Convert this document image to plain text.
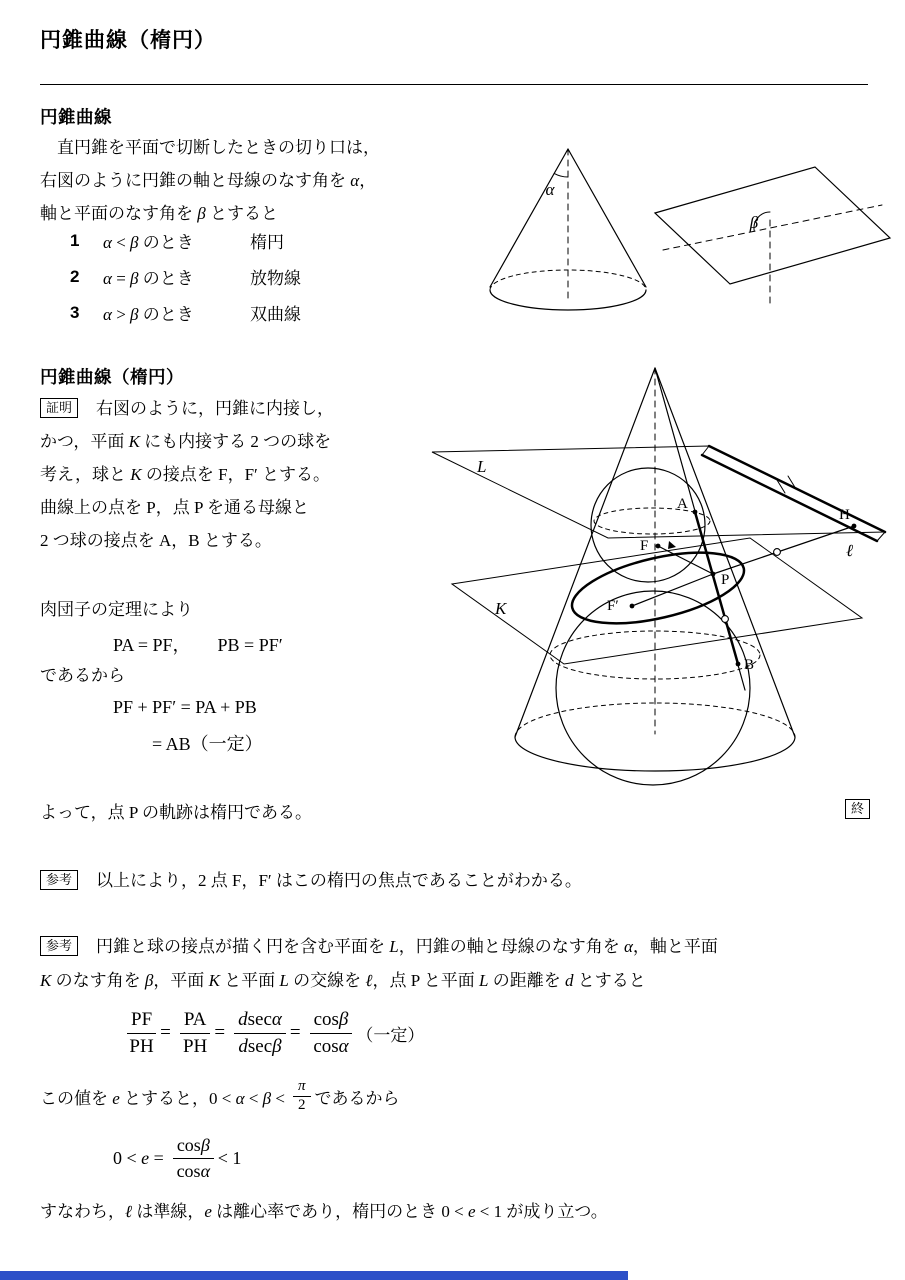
円錐曲線（楕円）
円錐曲線
　直円錐を平面で切断したときの切り口は，
右図のように円錐の軸と母線のなす角を α，
軸と平面のなす角を β とすると
1 α < β のとき	楕円
2 α = β のとき	放物線
3 α > β のとき	双曲線
α
β
円錐曲線（楕円）
証明	右図のように，円錐に内接し，
かつ，平面 K にも内接する 2 つの球を
考え，球と K の接点を F，F′ とする。
曲線上の点を P，点 P を通る母線と
2 つ球の接点を A，B とする。
肉団子の定理により
PA = PF，　　PB = PF′
であるから
PF + PF′ = PA + PB
= AB（一定）
よって，点 P の軌跡は楕円である。	終
L
K
A
F
H
ℓ
P
F′
B
参考	以上により，2 点 F，F′ はこの楕円の焦点であることがわかる。
参考	円錐と球の接点が描く円を含む平面を L，円錐の軸と母線のなす角を α，軸と平面
K のなす角を β，平面 K と平面 L の交線を ℓ，点 P と平面 L の距離を d とすると
$\frac{PF}{PH} = \frac{PA}{PH} = \frac{dsec\alpha}{dsec\beta} = \frac{\cos\beta}{\cos\alpha}$ （一定）
この値を e とすると，$0 < \alpha < \beta < \frac{\pi}{2}$ であるから
$0 < e = \frac{\cos\beta}{\cos\alpha} < 1$
すなわち，ℓ は準線，e は離心率であり，楕円のとき 0 < e < 1 が成り立つ。
